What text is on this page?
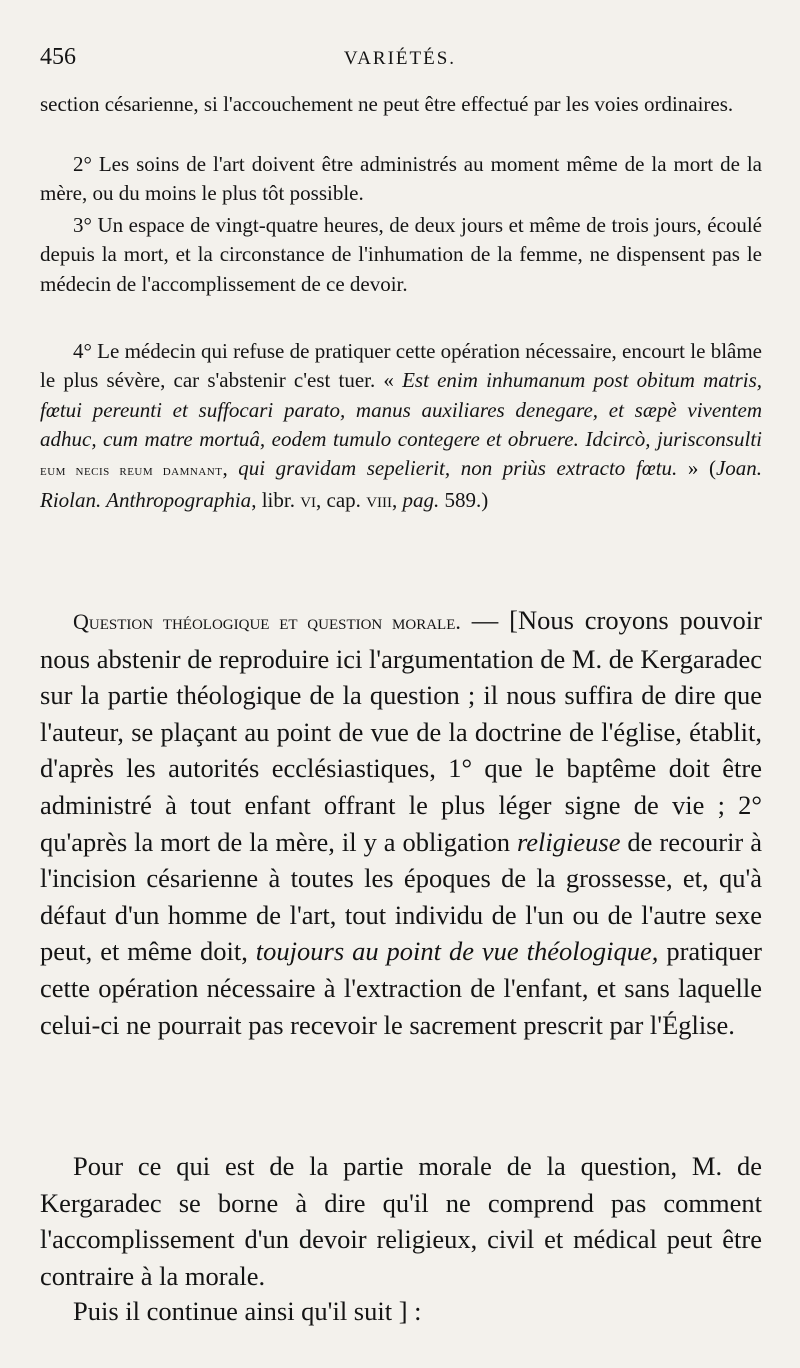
456	VARIÉTÉS.

section césarienne, si l'accouchement ne peut être effectué par les voies ordinaires.

2° Les soins de l'art doivent être administrés au moment même de la mort de la mère, ou du moins le plus tôt possible.

3° Un espace de vingt-quatre heures, de deux jours et même de trois jours, écoulé depuis la mort, et la circonstance de l'inhumation de la femme, ne dispensent pas le médecin de l'accomplissement de ce devoir.

4° Le médecin qui refuse de pratiquer cette opération nécessaire, encourt le blâme le plus sévère, car s'abstenir c'est tuer. « Est enim inhumanum post obitum matris, fœtui pereunti et suffocari parato, manus auxiliares denegare, et sæpè viventem adhuc, cum matre mortuâ, eodem tumulo contegere et obruere. Idcircò, jurisconsulti eum necis reum damnant, qui gravidam sepelierit, non priùs extracto fœtu. » (Joan. Riolan. Anthropographia, libr. vi, cap. viii, pag. 589.)

Question théologique et question morale. — [Nous croyons pouvoir nous abstenir de reproduire ici l'argumentation de M. de Kergaradec sur la partie théologique de la question ; il nous suffira de dire que l'auteur, se plaçant au point de vue de la doctrine de l'église, établit, d'après les autorités ecclésiastiques, 1° que le baptême doit être administré à tout enfant offrant le plus léger signe de vie ; 2° qu'après la mort de la mère, il y a obligation religieuse de recourir à l'incision césarienne à toutes les époques de la grossesse, et, qu'à défaut d'un homme de l'art, tout individu de l'un ou de l'autre sexe peut, et même doit, toujours au point de vue théologique, pratiquer cette opération nécessaire à l'extraction de l'enfant, et sans laquelle celui-ci ne pourrait pas recevoir le sacrement prescrit par l'Église.

Pour ce qui est de la partie morale de la question, M. de Kergaradec se borne à dire qu'il ne comprend pas comment l'accomplissement d'un devoir religieux, civil et médical peut être contraire à la morale.

Puis il continue ainsi qu'il suit ] :
